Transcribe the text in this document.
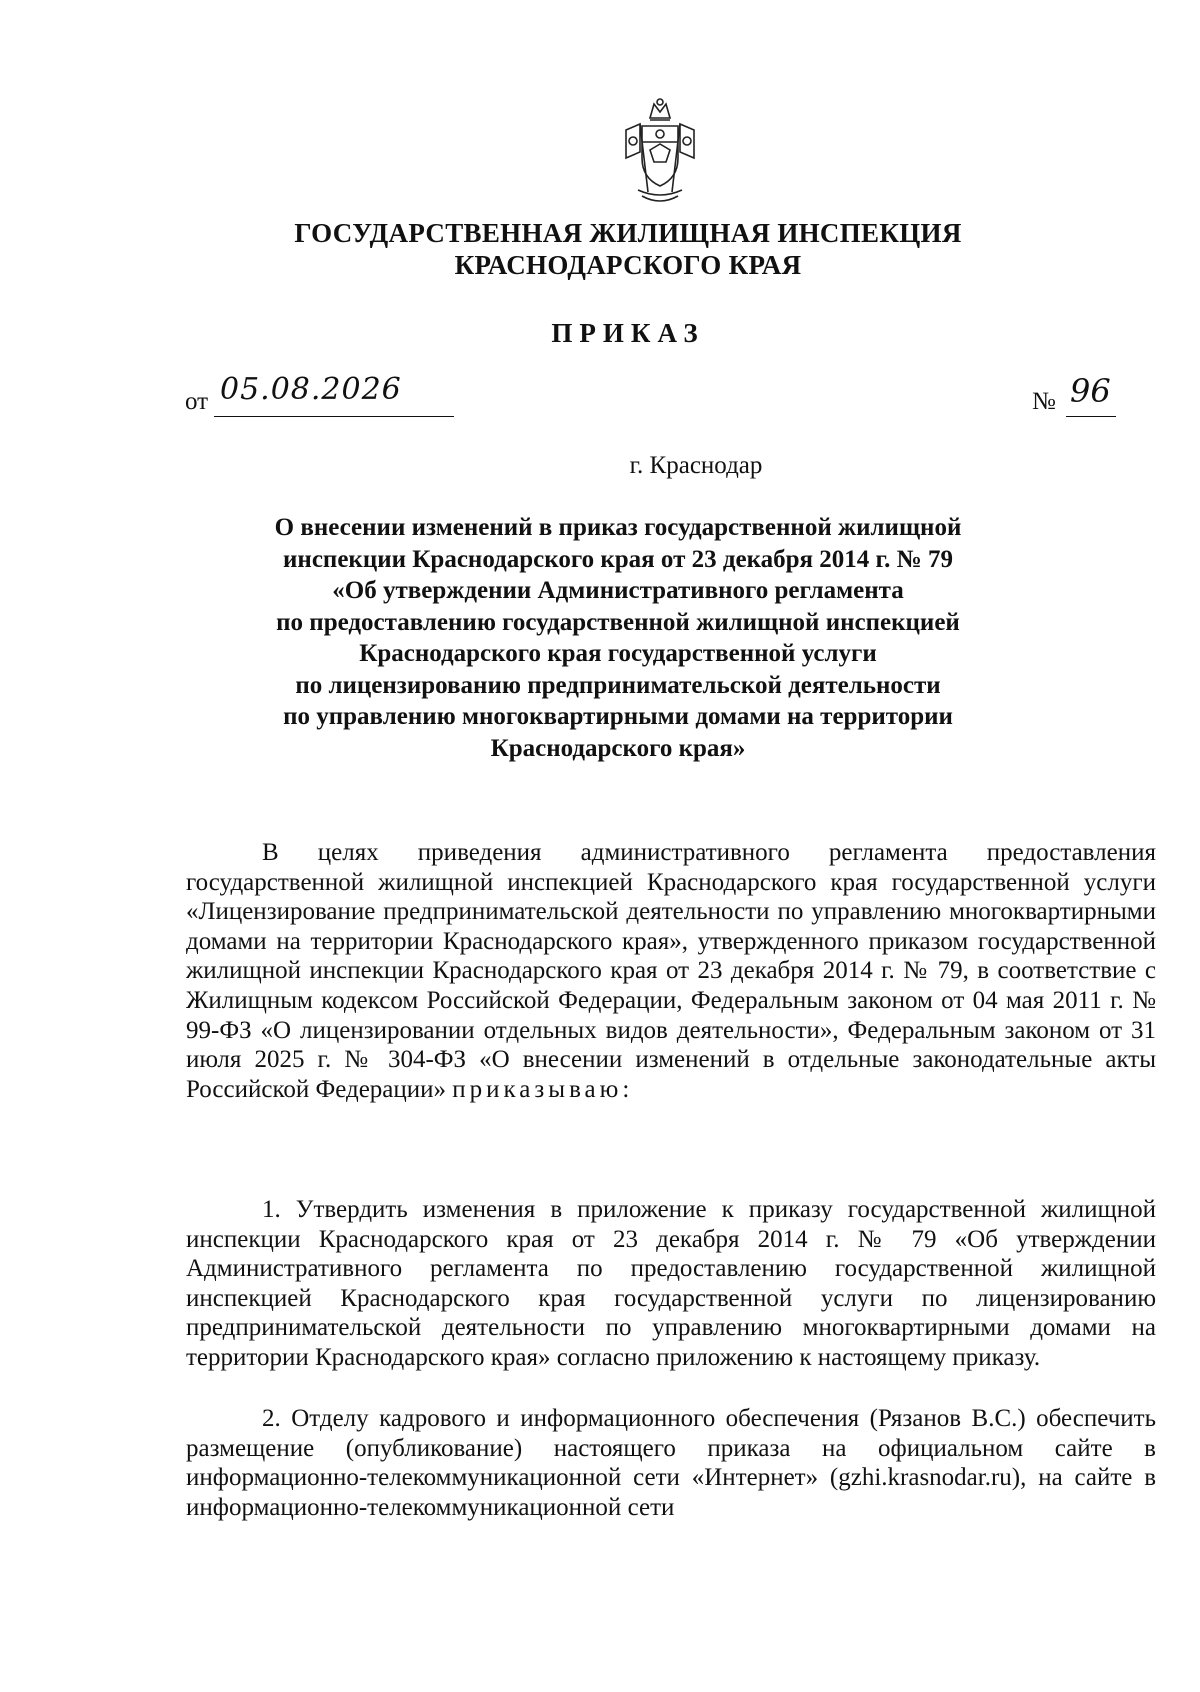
ГОСУДАРСТВЕННАЯ ЖИЛИЩНАЯ ИНСПЕКЦИЯ
КРАСНОДАРСКОГО КРАЯ
ПРИКАЗ
от 05.08.2026	№ 96
г. Краснодар
О внесении изменений в приказ государственной жилищной
инспекции Краснодарского края от 23 декабря 2014 г. № 79
«Об утверждении Административного регламента
по предоставлению государственной жилищной инспекцией
Краснодарского края государственной услуги
по лицензированию предпринимательской деятельности
по управлению многоквартирными домами на территории
Краснодарского края»

В целях приведения административного регламента предоставления государственной жилищной инспекцией Краснодарского края государственной услуги «Лицензирование предпринимательской деятельности по управлению многоквартирными домами на территории Краснодарского края», утвержденного приказом государственной жилищной инспекции Краснодарского края от 23 декабря 2014 г. № 79, в соответствие с Жилищным кодексом Российской Федерации, Федеральным законом от 04 мая 2011 г. № 99-ФЗ «О лицензировании отдельных видов деятельности», Федеральным законом от 31 июля 2025 г. № 304-ФЗ «О внесении изменений в отдельные законодательные акты Российской Федерации» приказываю:

1. Утвердить изменения в приложение к приказу государственной жилищной инспекции Краснодарского края от 23 декабря 2014 г. № 79 «Об утверждении Административного регламента по предоставлению государственной жилищной инспекцией Краснодарского края государственной услуги по лицензированию предпринимательской деятельности по управлению многоквартирными домами на территории Краснодарского края» согласно приложению к настоящему приказу.

2. Отделу кадрового и информационного обеспечения (Рязанов В.С.) обеспечить размещение (опубликование) настоящего приказа на официальном сайте в информационно-телекоммуникационной сети «Интернет» (gzhi.krasnodar.ru), на сайте в информационно-телекоммуникационной сети
